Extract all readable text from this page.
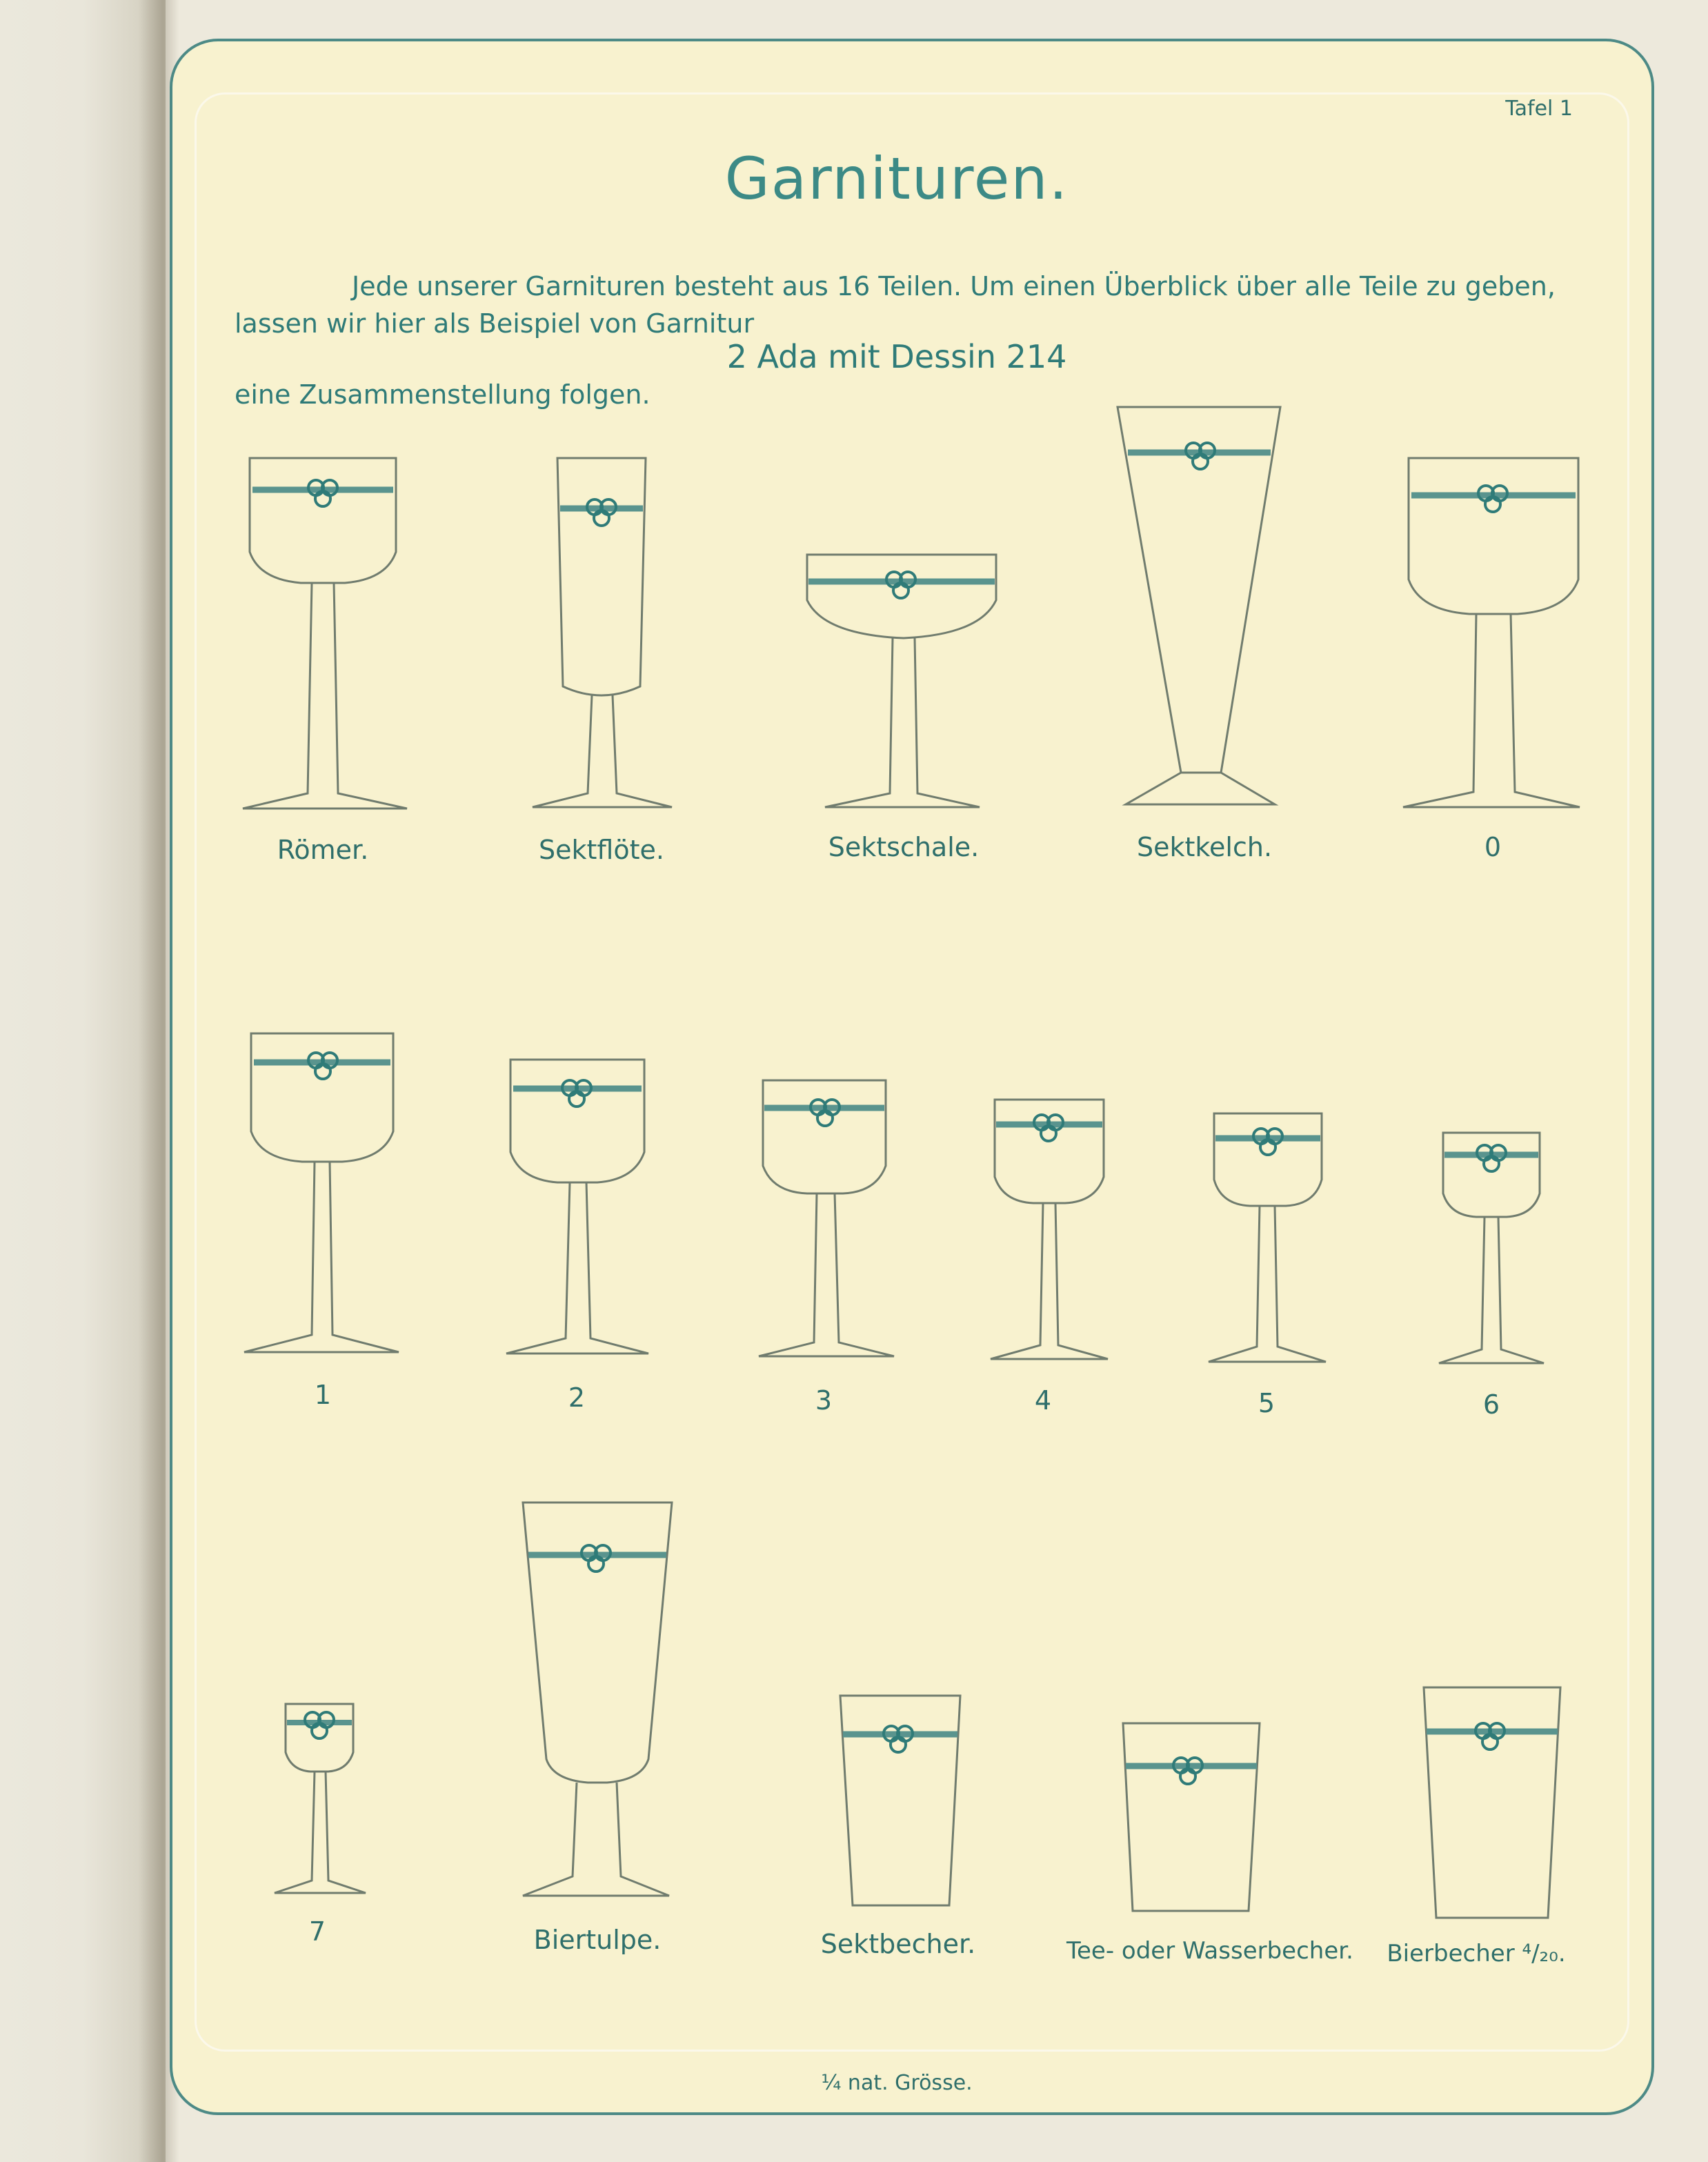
Tafel 1
Garnituren.
Jede unserer Garnituren besteht aus 16 Teilen. Um einen Überblick über alle Teile zu geben, lassen wir hier als Beispiel von Garnitur
2 Ada mit Dessin 214
eine Zusammenstellung folgen.
Römer.	Sektflöte.	Sektschale.	Sektkelch.	0
1	2	3	4	5	6
7	Biertulpe.	Sektbecher.	Tee- oder Wasserbecher.	Bierbecher ⁴/₂₀.
¼ nat. Grösse.
